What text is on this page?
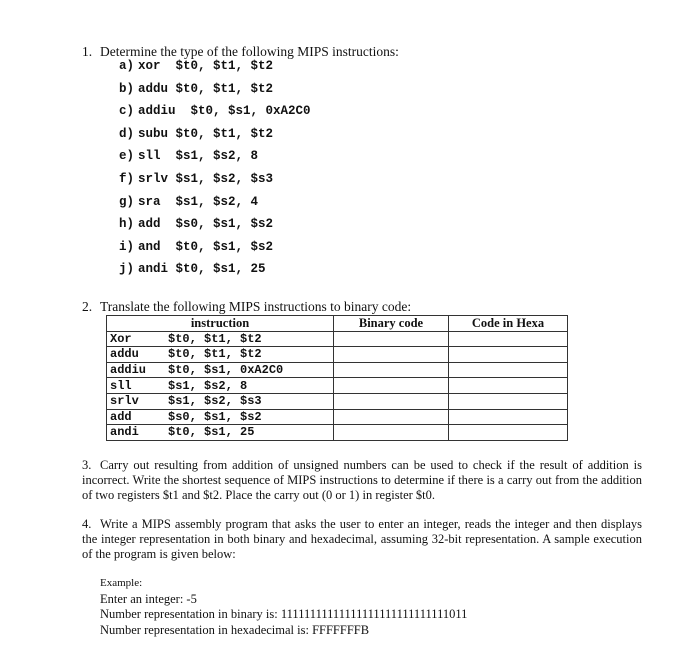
1. Determine the type of the following MIPS instructions:
a) xor  $t0, $t1, $t2
b) addu $t0, $t1, $t2
c) addiu  $t0, $s1, 0xA2C0
d) subu $t0, $t1, $t2
e) sll  $s1, $s2, 8
f) srlv $s1, $s2, $s3
g) sra  $s1, $s2, 4
h) add  $s0, $s1, $s2
i) and  $t0, $s1, $s2
j) andi $t0, $s1, 25
2. Translate the following MIPS instructions to binary code:
instruction		Binary code	Code in Hexa
Xor	$t0, $t1, $t2		
addu	$t0, $t1, $t2		
addiu	$t0, $s1, 0xA2C0		
sll	$s1, $s2, 8		
srlv	$s1, $s2, $s3		
add	$s0, $s1, $s2		
andi	$t0, $s1, 25		
3. Carry out resulting from addition of unsigned numbers can be used to check if the result of addition is incorrect. Write the shortest sequence of MIPS instructions to determine if there is a carry out from the addition of two registers $t1 and $t2. Place the carry out (0 or 1) in register $t0.
4. Write a MIPS assembly program that asks the user to enter an integer, reads the integer and then displays the integer representation in both binary and hexadecimal, assuming 32-bit representation. A sample execution of the program is given below:
Example:
Enter an integer: -5
Number representation in binary is: 11111111111111111111111111111011
Number representation in hexadecimal is: FFFFFFFB
